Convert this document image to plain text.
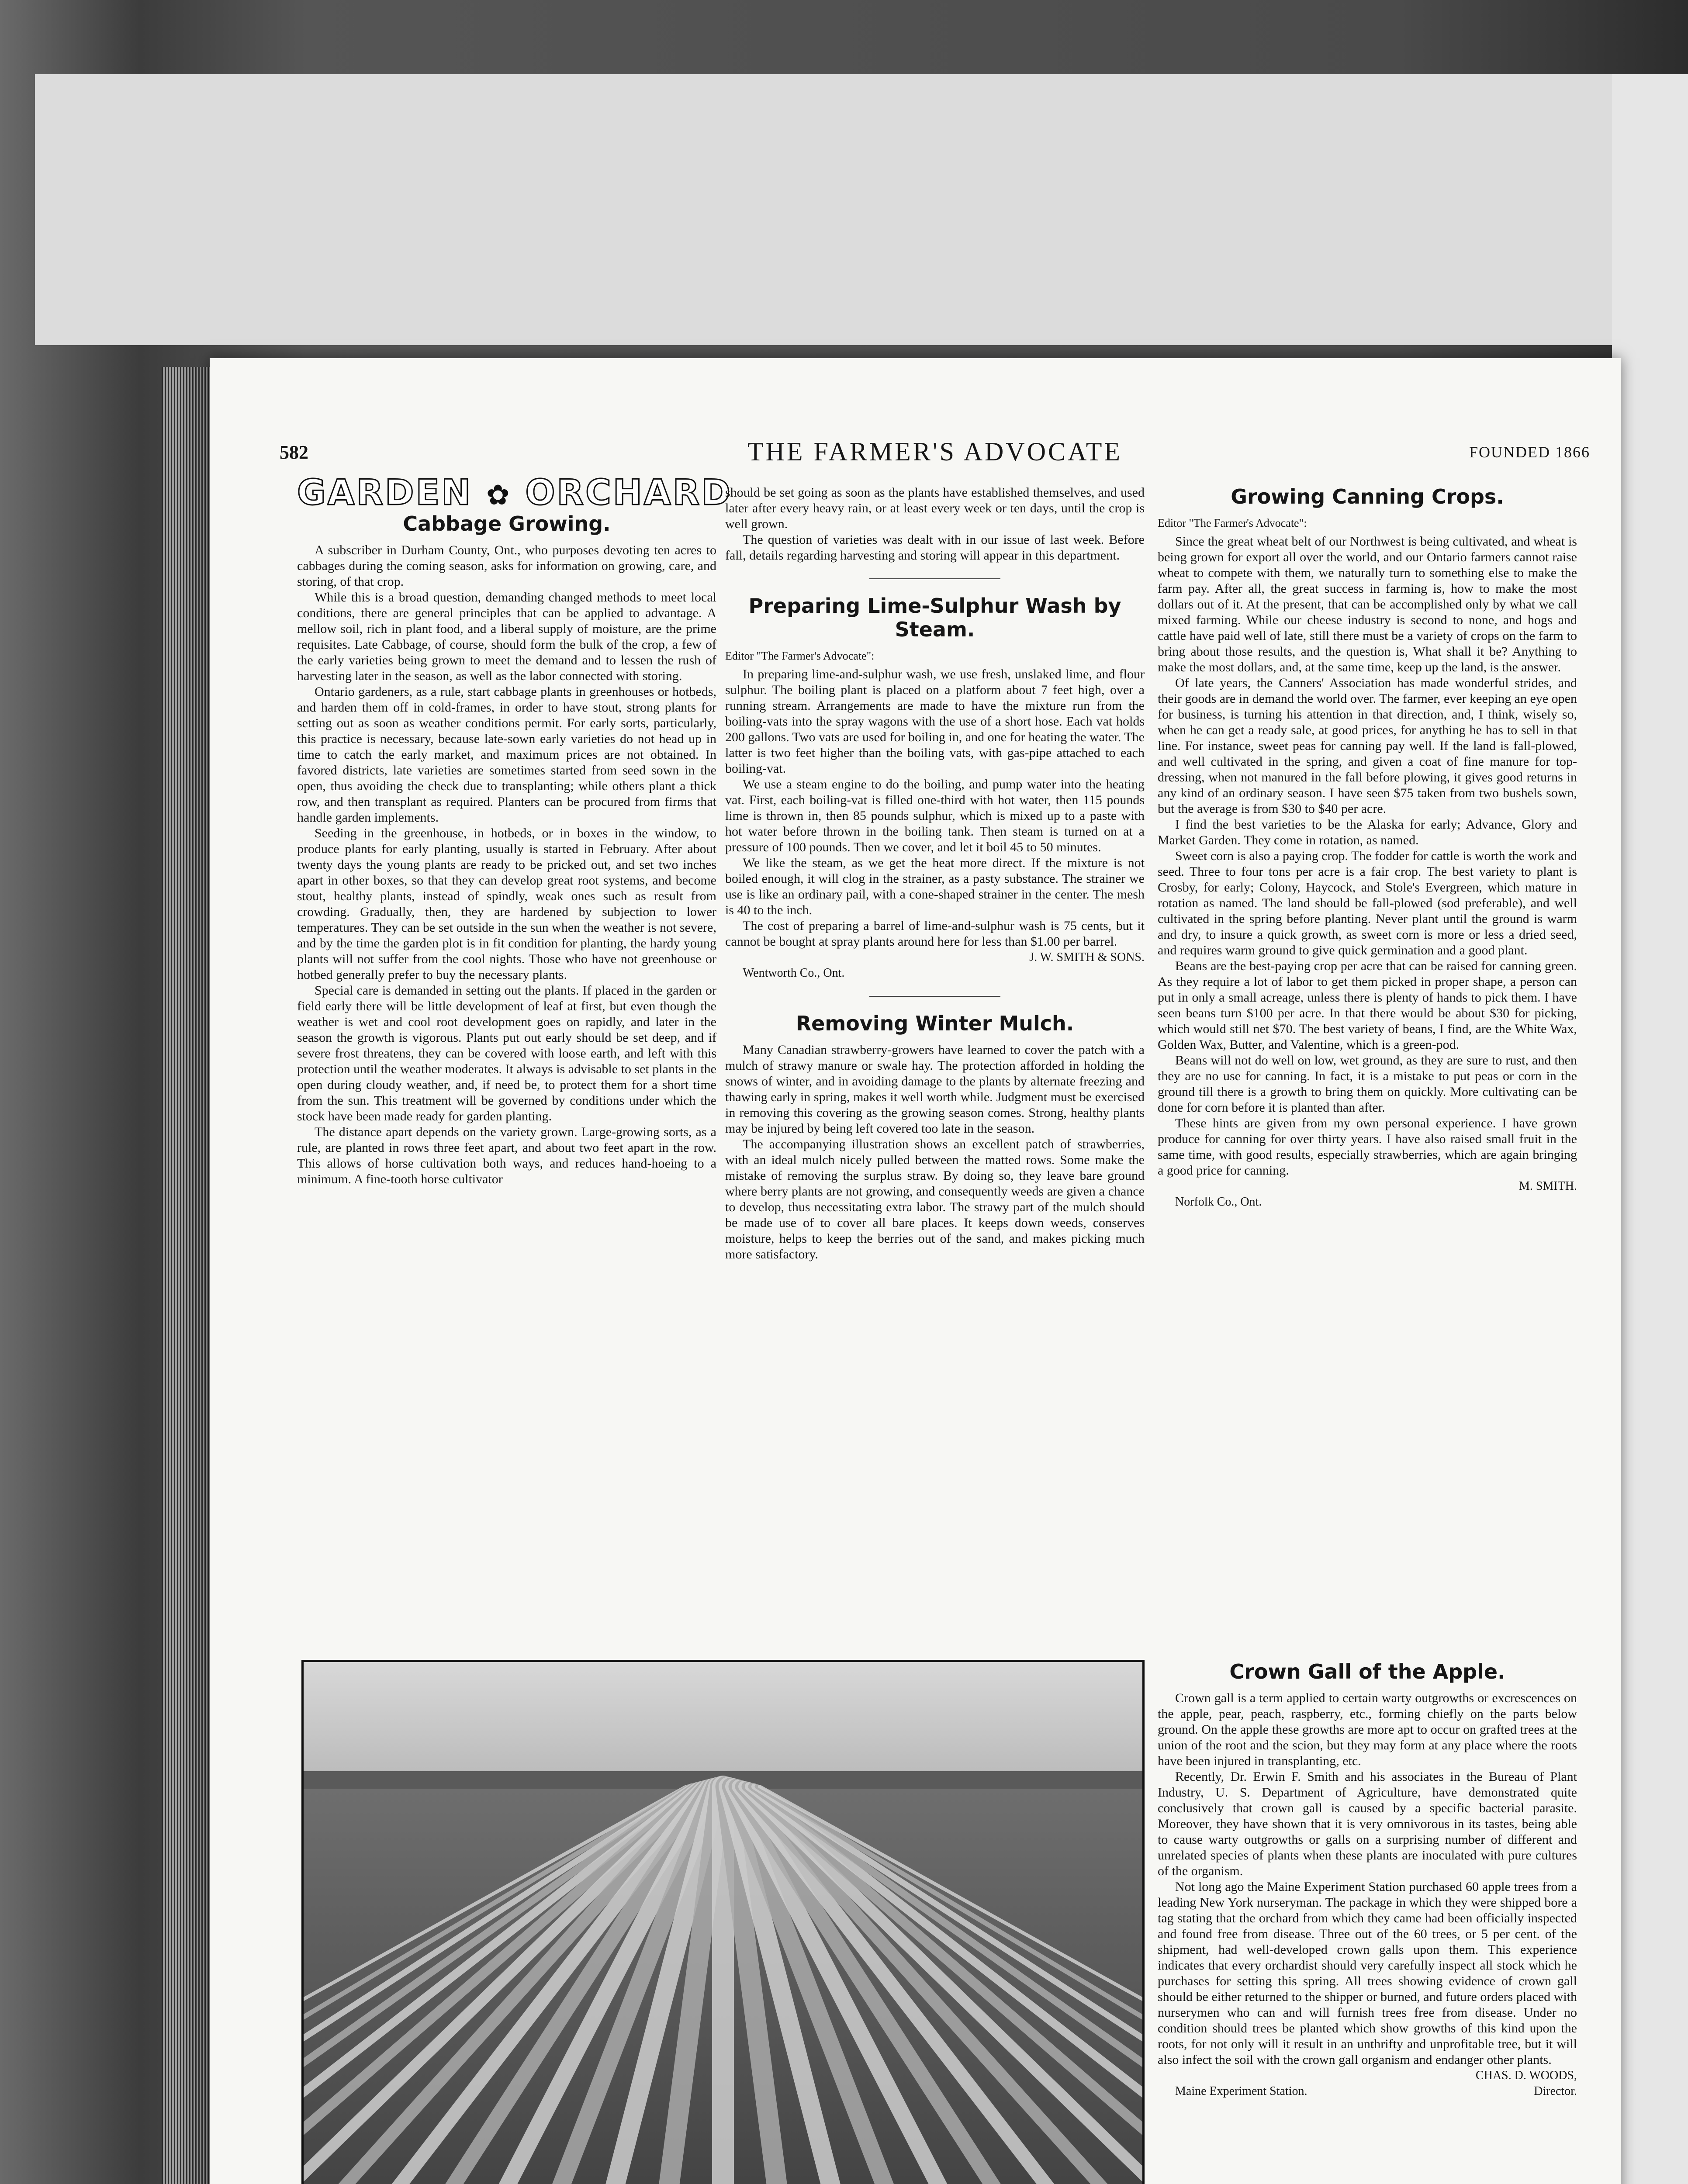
582	THE FARMER'S ADVOCATE	FOUNDED 1866
GARDEN ✿ ORCHARD
Cabbage Growing.

A subscriber in Durham County, Ont., who purposes devoting ten acres to cabbages during the coming season, asks for information on growing, care, and storing, of that crop.

While this is a broad question, demanding changed methods to meet local conditions, there are general principles that can be applied to advantage. A mellow soil, rich in plant food, and a liberal supply of moisture, are the prime requisites. Late Cabbage, of course, should form the bulk of the crop, a few of the early varieties being grown to meet the demand and to lessen the rush of harvesting later in the season, as well as the labor connected with storing.

Ontario gardeners, as a rule, start cabbage plants in greenhouses or hotbeds, and harden them off in cold-frames, in order to have stout, strong plants for setting out as soon as weather conditions permit. For early sorts, particularly, this practice is necessary, because late-sown early varieties do not head up in time to catch the early market, and maximum prices are not obtained. In favored districts, late varieties are sometimes started from seed sown in the open, thus avoiding the check due to transplanting; while others plant a thick row, and then transplant as required. Planters can be procured from firms that handle garden implements.

Seeding in the greenhouse, in hotbeds, or in boxes in the window, to produce plants for early planting, usually is started in February. After about twenty days the young plants are ready to be pricked out, and set two inches apart in other boxes, so that they can develop great root systems, and become stout, healthy plants, instead of spindly, weak ones such as result from crowding. Gradually, then, they are hardened by subjection to lower temperatures. They can be set outside in the sun when the weather is not severe, and by the time the garden plot is in fit condition for planting, the hardy young plants will not suffer from the cool nights. Those who have not greenhouse or hotbed generally prefer to buy the necessary plants.

Special care is demanded in setting out the plants. If placed in the garden or field early there will be little development of leaf at first, but even though the weather is wet and cool root development goes on rapidly, and later in the season the growth is vigorous. Plants put out early should be set deep, and if severe frost threatens, they can be covered with loose earth, and left with this protection until the weather moderates. It always is advisable to set plants in the open during cloudy weather, and, if need be, to protect them for a short time from the sun. This treatment will be governed by conditions under which the stock have been made ready for garden planting.

The distance apart depends on the variety grown. Large-growing sorts, as a rule, are planted in rows three feet apart, and about two feet apart in the row. This allows of horse cultivation both ways, and reduces hand-hoeing to a minimum. A fine-tooth horse cultivator

should be set going as soon as the plants have established themselves, and used later after every heavy rain, or at least every week or ten days, until the crop is well grown.

The question of varieties was dealt with in our issue of last week. Before fall, details regarding harvesting and storing will appear in this department.

Preparing Lime-Sulphur Wash by Steam.

Editor "The Farmer's Advocate":

In preparing lime-and-sulphur wash, we use fresh, unslaked lime, and flour sulphur. The boiling plant is placed on a platform about 7 feet high, over a running stream. Arrangements are made to have the mixture run from the boiling-vats into the spray wagons with the use of a short hose. Each vat holds 200 gallons. Two vats are used for boiling in, and one for heating the water. The latter is two feet higher than the boiling vats, with gas-pipe attached to each boiling-vat.

We use a steam engine to do the boiling, and pump water into the heating vat. First, each boiling-vat is filled one-third with hot water, then 115 pounds lime is thrown in, then 85 pounds sulphur, which is mixed up to a paste with hot water before thrown in the boiling tank. Then steam is turned on at a pressure of 100 pounds. Then we cover, and let it boil 45 to 50 minutes.

We like the steam, as we get the heat more direct. If the mixture is not boiled enough, it will clog in the strainer, as a pasty substance. The strainer we use is like an ordinary pail, with a cone-shaped strainer in the center. The mesh is 40 to the inch.

The cost of preparing a barrel of lime-and-sulphur wash is 75 cents, but it cannot be bought at spray plants around here for less than $1.00 per barrel.

J. W. SMITH & SONS.

Wentworth Co., Ont.

Removing Winter Mulch.

Many Canadian strawberry-growers have learned to cover the patch with a mulch of strawy manure or swale hay. The protection afforded in holding the snows of winter, and in avoiding damage to the plants by alternate freezing and thawing early in spring, makes it well worth while. Judgment must be exercised in removing this covering as the growing season comes. Strong, healthy plants may be injured by being left covered too late in the season.

The accompanying illustration shows an excellent patch of strawberries, with an ideal mulch nicely pulled between the matted rows. Some make the mistake of removing the surplus straw. By doing so, they leave bare ground where berry plants are not growing, and consequently weeds are given a chance to develop, thus necessitating extra labor. The strawy part of the mulch should be made use of to cover all bare places. It keeps down weeds, conserves moisture, helps to keep the berries out of the sand, and makes picking much more satisfactory.

Growing Canning Crops.

Editor "The Farmer's Advocate":

Since the great wheat belt of our Northwest is being cultivated, and wheat is being grown for export all over the world, and our Ontario farmers cannot raise wheat to compete with them, we naturally turn to something else to make the farm pay. After all, the great success in farming is, how to make the most dollars out of it. At the present, that can be accomplished only by what we call mixed farming. While our cheese industry is second to none, and hogs and cattle have paid well of late, still there must be a variety of crops on the farm to bring about those results, and the question is, What shall it be? Anything to make the most dollars, and, at the same time, keep up the land, is the answer.

Of late years, the Canners' Association has made wonderful strides, and their goods are in demand the world over. The farmer, ever keeping an eye open for business, is turning his attention in that direction, and, I think, wisely so, when he can get a ready sale, at good prices, for anything he has to sell in that line. For instance, sweet peas for canning pay well. If the land is fall-plowed, and well cultivated in the spring, and given a coat of fine manure for top-dressing, when not manured in the fall before plowing, it gives good returns in any kind of an ordinary season. I have seen $75 taken from two bushels sown, but the average is from $30 to $40 per acre.

I find the best varieties to be the Alaska for early; Advance, Glory and Market Garden. They come in rotation, as named.

Sweet corn is also a paying crop. The fodder for cattle is worth the work and seed. Three to four tons per acre is a fair crop. The best variety to plant is Crosby, for early; Colony, Haycock, and Stole's Evergreen, which mature in rotation as named. The land should be fall-plowed (sod preferable), and well cultivated in the spring before planting. Never plant until the ground is warm and dry, to insure a quick growth, as sweet corn is more or less a dried seed, and requires warm ground to give quick germination and a good plant.

Beans are the best-paying crop per acre that can be raised for canning green. As they require a lot of labor to get them picked in proper shape, a person can put in only a small acreage, unless there is plenty of hands to pick them. I have seen beans turn $100 per acre. In that there would be about $30 for picking, which would still net $70. The best variety of beans, I find, are the White Wax, Golden Wax, Butter, and Valentine, which is a green-pod.

Beans will not do well on low, wet ground, as they are sure to rust, and then they are no use for canning. In fact, it is a mistake to put peas or corn in the ground till there is a growth to bring them on quickly. More cultivating can be done for corn before it is planted than after.

These hints are given from my own personal experience. I have grown produce for canning for over thirty years. I have also raised small fruit in the same time, with good results, especially strawberries, which are again bringing a good price for canning.

M. SMITH.

Norfolk Co., Ont.

Crown Gall of the Apple.

Crown gall is a term applied to certain warty outgrowths or excrescences on the apple, pear, peach, raspberry, etc., forming chiefly on the parts below ground. On the apple these growths are more apt to occur on grafted trees at the union of the root and the scion, but they may form at any place where the roots have been injured in transplanting, etc.

Recently, Dr. Erwin F. Smith and his associates in the Bureau of Plant Industry, U. S. Department of Agriculture, have demonstrated quite conclusively that crown gall is caused by a specific bacterial parasite. Moreover, they have shown that it is very omnivorous in its tastes, being able to cause warty outgrowths or galls on a surprising number of different and unrelated species of plants when these plants are inoculated with pure cultures of the organism.

Not long ago the Maine Experiment Station purchased 60 apple trees from a leading New York nurseryman. The package in which they were shipped bore a tag stating that the orchard from which they came had been officially inspected and found free from disease. Three out of the 60 trees, or 5 per cent. of the shipment, had well-developed crown galls upon them. This experience indicates that every orchardist should very carefully inspect all stock which he purchases for setting this spring. All trees showing evidence of crown gall should be either returned to the shipper or burned, and future orders placed with nurserymen who can and will furnish trees free from disease. Under no condition should trees be planted which show growths of this kind upon the roots, for not only will it result in an unthrifty and unprofitable tree, but it will also infect the soil with the crown gall organism and endanger other plants.

CHAS. D. WOODS,

Maine Experiment Station.	Director.
